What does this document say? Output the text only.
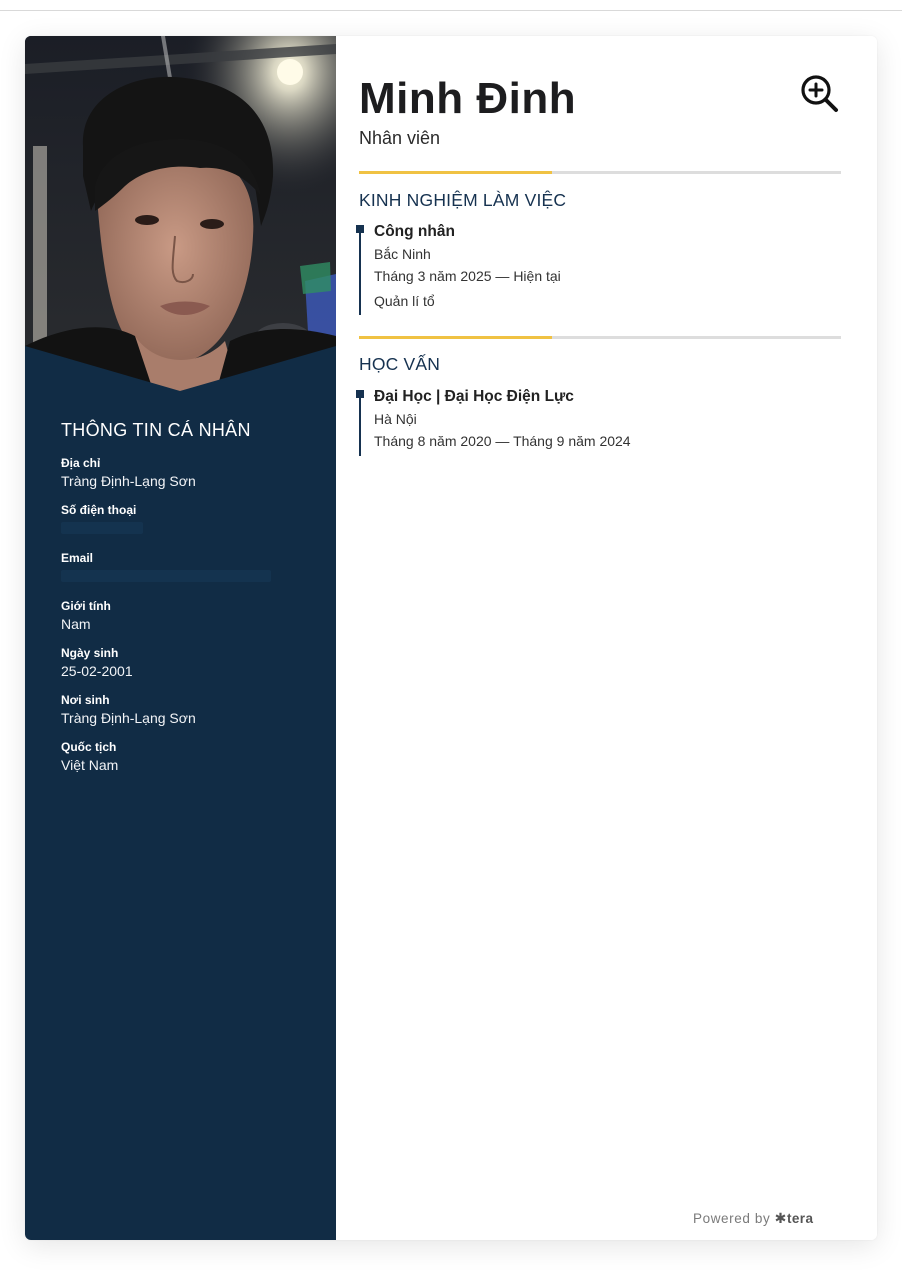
THÔNG TIN CÁ NHÂN
Địa chỉ
Tràng Định-Lạng Sơn
Số điện thoại
Email
Giới tính
Nam
Ngày sinh
25-02-2001
Nơi sinh
Tràng Định-Lạng Sơn
Quốc tịch
Việt Nam
Minh Đinh
Nhân viên
KINH NGHIỆM LÀM VIỆC
Công nhân
Bắc Ninh
Tháng 3 năm 2025 — Hiện tại
Quản lí tổ
HỌC VẤN
Đại Học | Đại Học Điện Lực
Hà Nội
Tháng 8 năm 2020 — Tháng 9 năm 2024
Powered by ✱tera
